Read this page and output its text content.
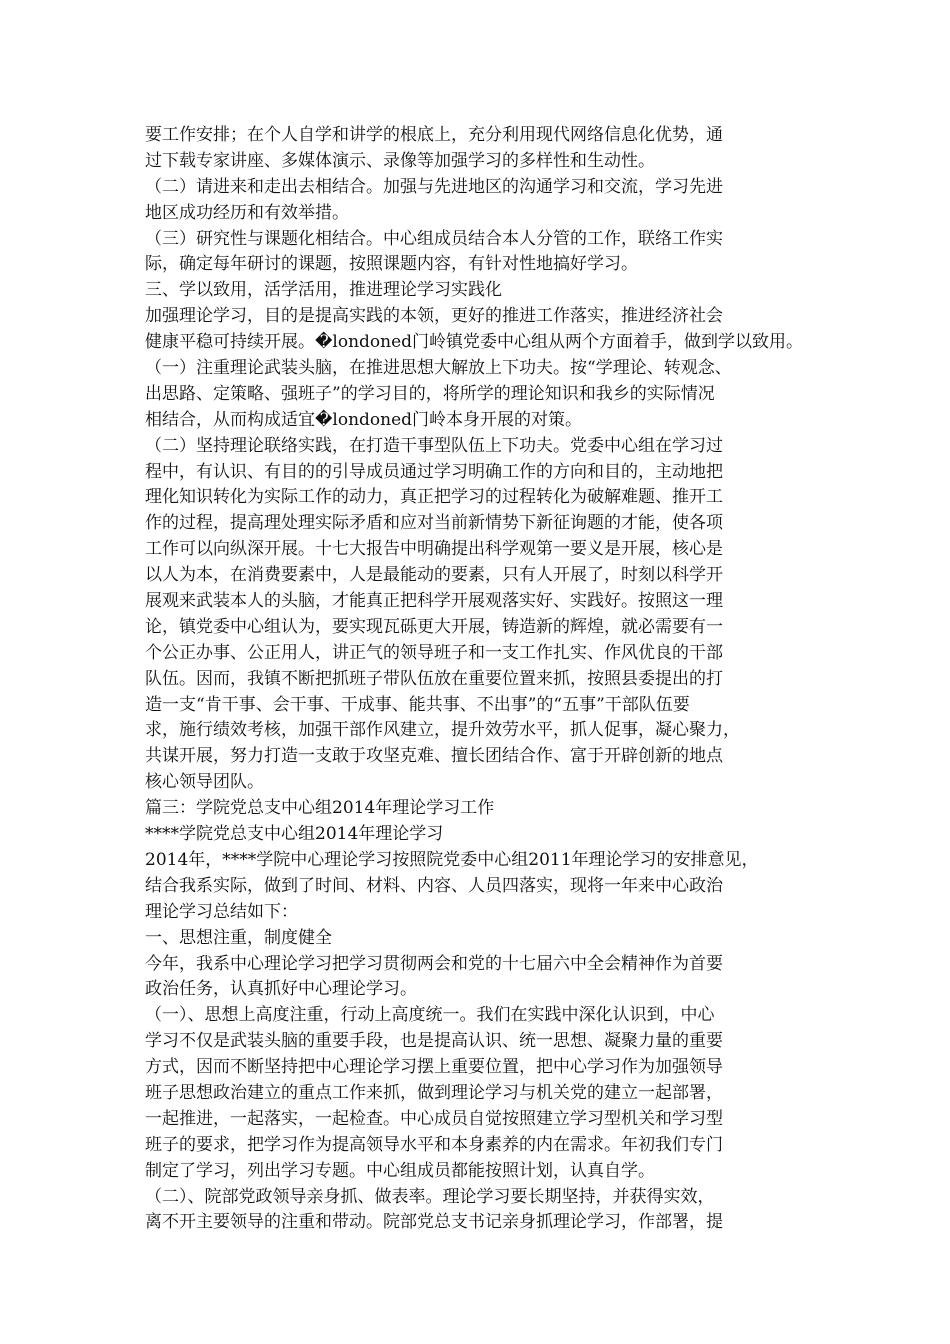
要工作安排；在个人自学和讲学的根底上，充分利用现代网络信息化优势，通
过下载专家讲座、多媒体演示、录像等加强学习的多样性和生动性。
（二）请进来和走出去相结合。加强与先进地区的沟通学习和交流，学习先进
地区成功经历和有效举措。
（三）研究性与课题化相结合。中心组成员结合本人分管的工作，联络工作实
际，确定每年研讨的课题，按照课题内容，有针对性地搞好学习。
三、学以致用，活学活用，推进理论学习实践化
加强理论学习，目的是提高实践的本领，更好的推进工作落实，推进经济社会
健康平稳可持续开展。�londoned门岭镇党委中心组从两个方面着手，做到学以致用。
（一）注重理论武装头脑，在推进思想大解放上下功夫。按“学理论、转观念、
出思路、定策略、强班子”的学习目的，将所学的理论知识和我乡的实际情况
相结合，从而构成适宜�londoned门岭本身开展的对策。
（二）坚持理论联络实践，在打造干事型队伍上下功夫。党委中心组在学习过
程中，有认识、有目的的引导成员通过学习明确工作的方向和目的，主动地把
理化知识转化为实际工作的动力，真正把学习的过程转化为破解难题、推开工
作的过程，提高理处理实际矛盾和应对当前新情势下新征询题的才能，使各项
工作可以向纵深开展。十七大报告中明确提出科学观第一要义是开展，核心是
以人为本，在消费要素中，人是最能动的要素，只有人开展了，时刻以科学开
展观来武装本人的头脑，才能真正把科学开展观落实好、实践好。按照这一理
论，镇党委中心组认为，要实现瓦砾更大开展，铸造新的辉煌，就必需要有一
个公正办事、公正用人，讲正气的领导班子和一支工作扎实、作风优良的干部
队伍。因而，我镇不断把抓班子带队伍放在重要位置来抓，按照县委提出的打
造一支“肯干事、会干事、干成事、能共事、不出事”的“五事”干部队伍要
求，施行绩效考核，加强干部作风建立，提升效劳水平，抓人促事，凝心聚力，
共谋开展，努力打造一支敢于攻坚克难、擅长团结合作、富于开辟创新的地点
核心领导团队。
篇三：学院党总支中心组2014年理论学习工作
****学院党总支中心组2014年理论学习
2014年，****学院中心理论学习按照院党委中心组2011年理论学习的安排意见，
结合我系实际，做到了时间、材料、内容、人员四落实，现将一年来中心政治
理论学习总结如下：
一、思想注重，制度健全
今年，我系中心理论学习把学习贯彻两会和党的十七届六中全会精神作为首要
政治任务，认真抓好中心理论学习。
（一）、思想上高度注重，行动上高度统一。我们在实践中深化认识到，中心
学习不仅是武装头脑的重要手段，也是提高认识、统一思想、凝聚力量的重要
方式，因而不断坚持把中心理论学习摆上重要位置，把中心学习作为加强领导
班子思想政治建立的重点工作来抓，做到理论学习与机关党的建立一起部署，
一起推进，一起落实，一起检查。中心成员自觉按照建立学习型机关和学习型
班子的要求，把学习作为提高领导水平和本身素养的内在需求。年初我们专门
制定了学习，列出学习专题。中心组成员都能按照计划，认真自学。
（二）、院部党政领导亲身抓、做表率。理论学习要长期坚持，并获得实效，
离不开主要领导的注重和带动。院部党总支书记亲身抓理论学习，作部署，提
